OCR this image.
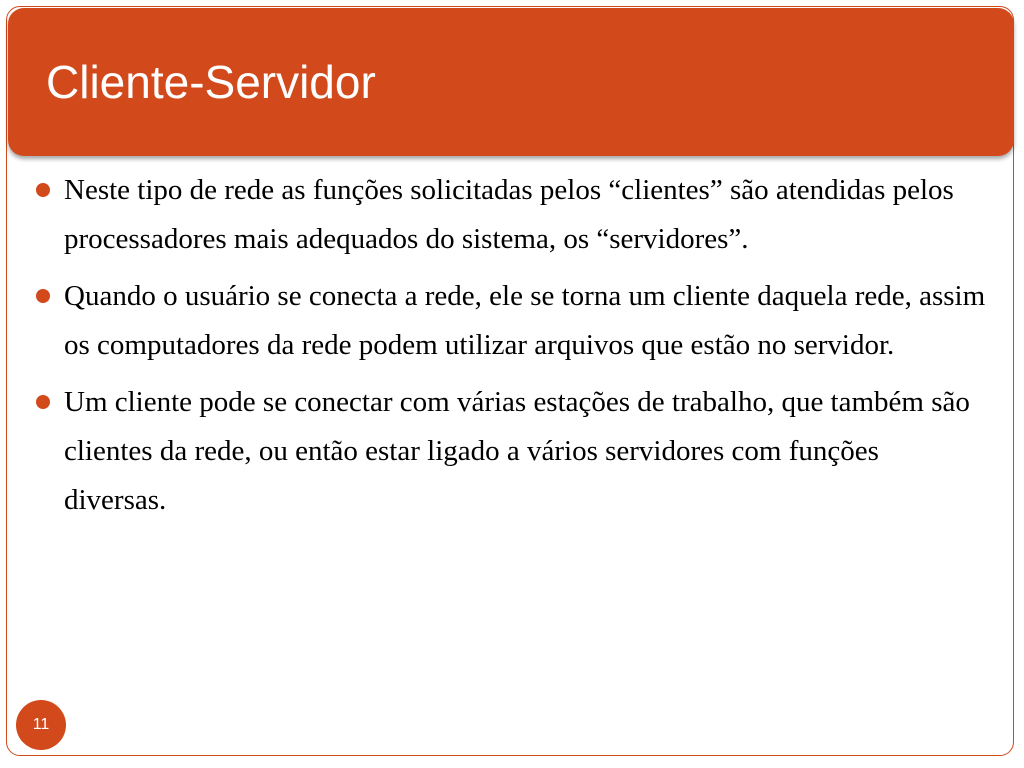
Cliente-Servidor
Neste tipo de rede as funções solicitadas pelos “clientes” são atendidas pelos processadores mais adequados do sistema, os “servidores”.
Quando o usuário se conecta a rede, ele se torna um cliente daquela rede, assim os computadores da rede podem utilizar arquivos que estão no servidor.
Um cliente pode se conectar com várias estações de trabalho, que também são clientes da rede, ou então estar ligado a vários servidores com funções diversas.
11
